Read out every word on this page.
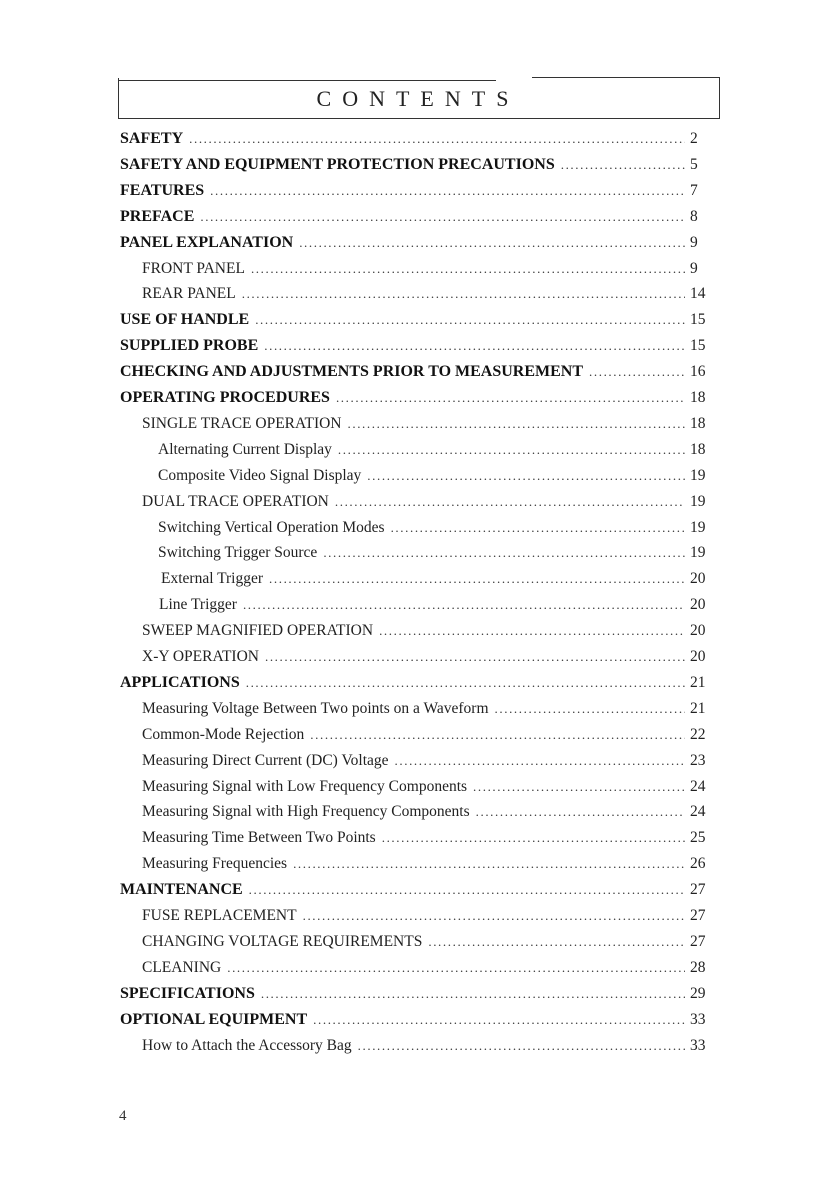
CONTENTS
SAFETY .....	2
SAFETY AND EQUIPMENT PROTECTION PRECAUTIONS .....	5
FEATURES .....	7
PREFACE .....	8
PANEL EXPLANATION .....	9
FRONT PANEL .....	9
REAR PANEL .....	14
USE OF HANDLE .....	15
SUPPLIED PROBE .....	15
CHECKING AND ADJUSTMENTS PRIOR TO MEASUREMENT .....	16
OPERATING PROCEDURES .....	18
SINGLE TRACE OPERATION .....	18
Alternating Current Display .....	18
Composite Video Signal Display .....	19
DUAL TRACE OPERATION .....	19
Switching Vertical Operation Modes .....	19
Switching Trigger Source .....	19
External Trigger .....	20
Line Trigger .....	20
SWEEP MAGNIFIED OPERATION .....	20
X-Y OPERATION .....	20
APPLICATIONS .....	21
Measuring Voltage Between Two points on a Waveform .....	21
Common-Mode Rejection .....	22
Measuring Direct Current (DC) Voltage .....	23
Measuring Signal with Low Frequency Components .....	24
Measuring Signal with High Frequency Components .....	24
Measuring Time Between Two Points .....	25
Measuring Frequencies .....	26
MAINTENANCE .....	27
FUSE REPLACEMENT .....	27
CHANGING VOLTAGE REQUIREMENTS .....	27
CLEANING .....	28
SPECIFICATIONS .....	29
OPTIONAL EQUIPMENT .....	33
How to Attach the Accessory Bag .....	33
4
